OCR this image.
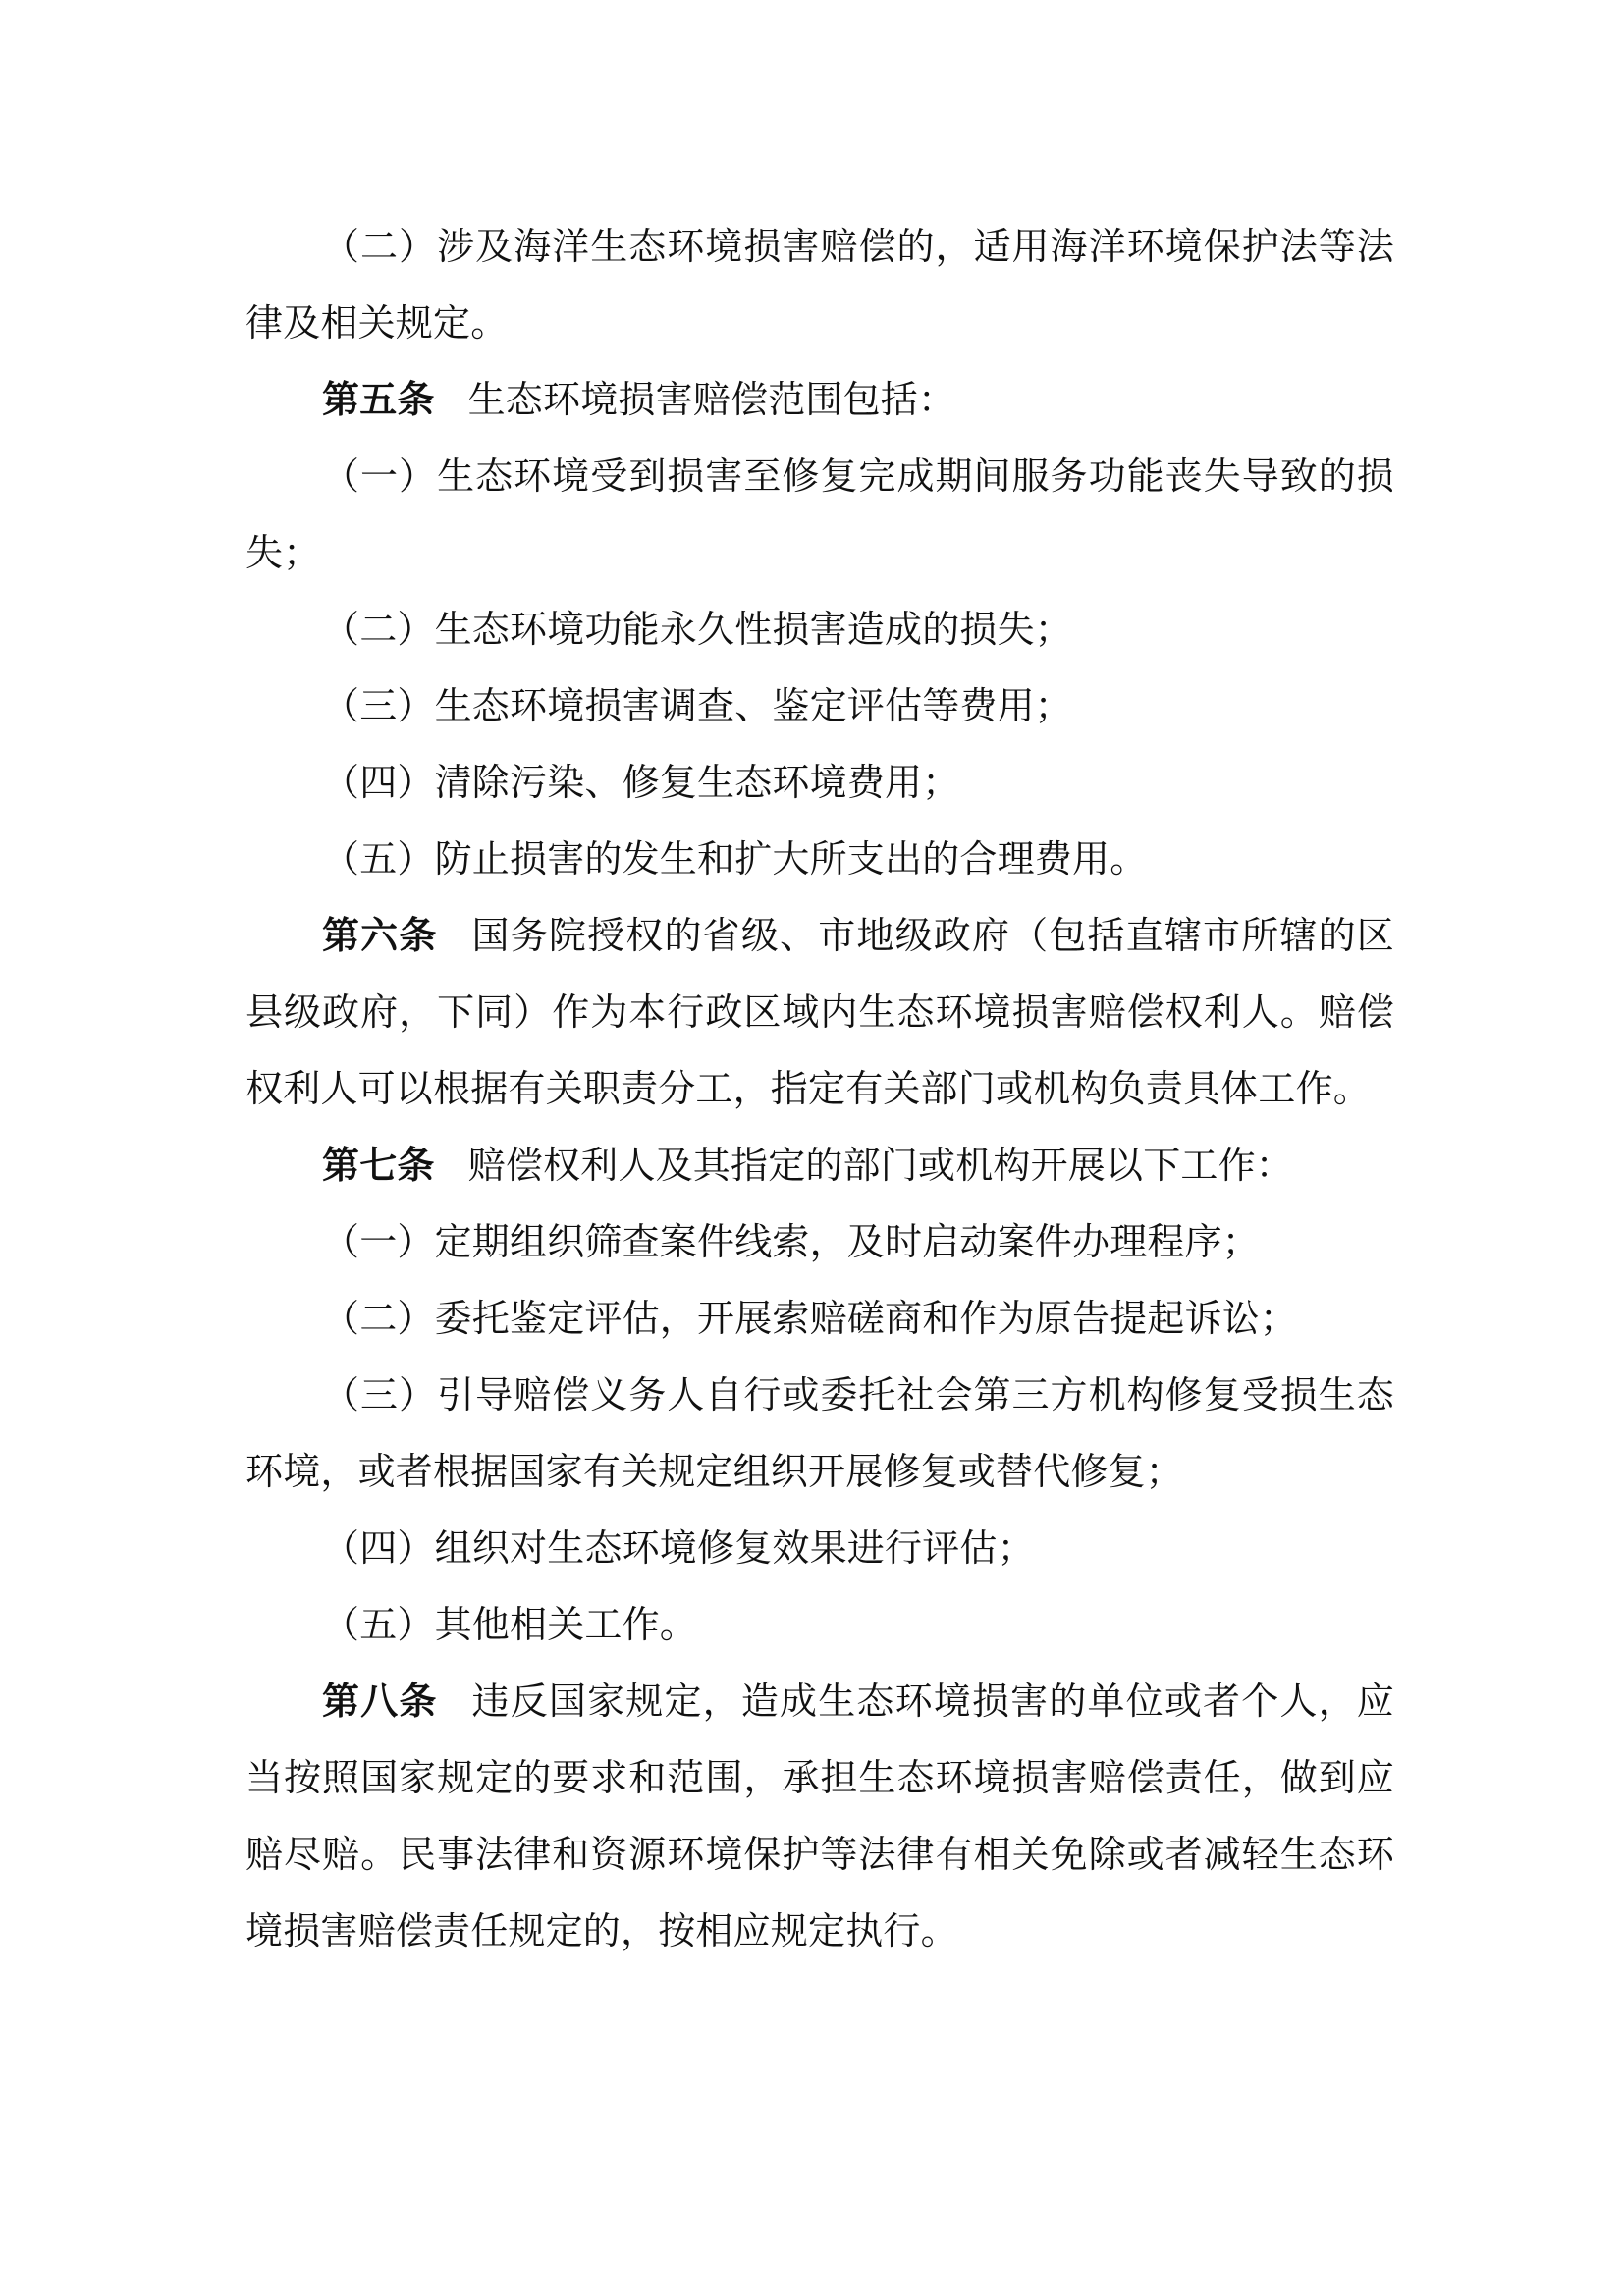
（二）涉及海洋生态环境损害赔偿的，适用海洋环境保护法等法律及相关规定。

第五条 生态环境损害赔偿范围包括：

（一）生态环境受到损害至修复完成期间服务功能丧失导致的损失；

（二）生态环境功能永久性损害造成的损失；

（三）生态环境损害调查、鉴定评估等费用；

（四）清除污染、修复生态环境费用；

（五）防止损害的发生和扩大所支出的合理费用。

第六条 国务院授权的省级、市地级政府（包括直辖市所辖的区县级政府，下同）作为本行政区域内生态环境损害赔偿权利人。赔偿权利人可以根据有关职责分工，指定有关部门或机构负责具体工作。

第七条 赔偿权利人及其指定的部门或机构开展以下工作：

（一）定期组织筛查案件线索，及时启动案件办理程序；

（二）委托鉴定评估，开展索赔磋商和作为原告提起诉讼；

（三）引导赔偿义务人自行或委托社会第三方机构修复受损生态环境，或者根据国家有关规定组织开展修复或替代修复；

（四）组织对生态环境修复效果进行评估；

（五）其他相关工作。

第八条 违反国家规定，造成生态环境损害的单位或者个人，应当按照国家规定的要求和范围，承担生态环境损害赔偿责任，做到应赔尽赔。民事法律和资源环境保护等法律有相关免除或者减轻生态环境损害赔偿责任规定的，按相应规定执行。
